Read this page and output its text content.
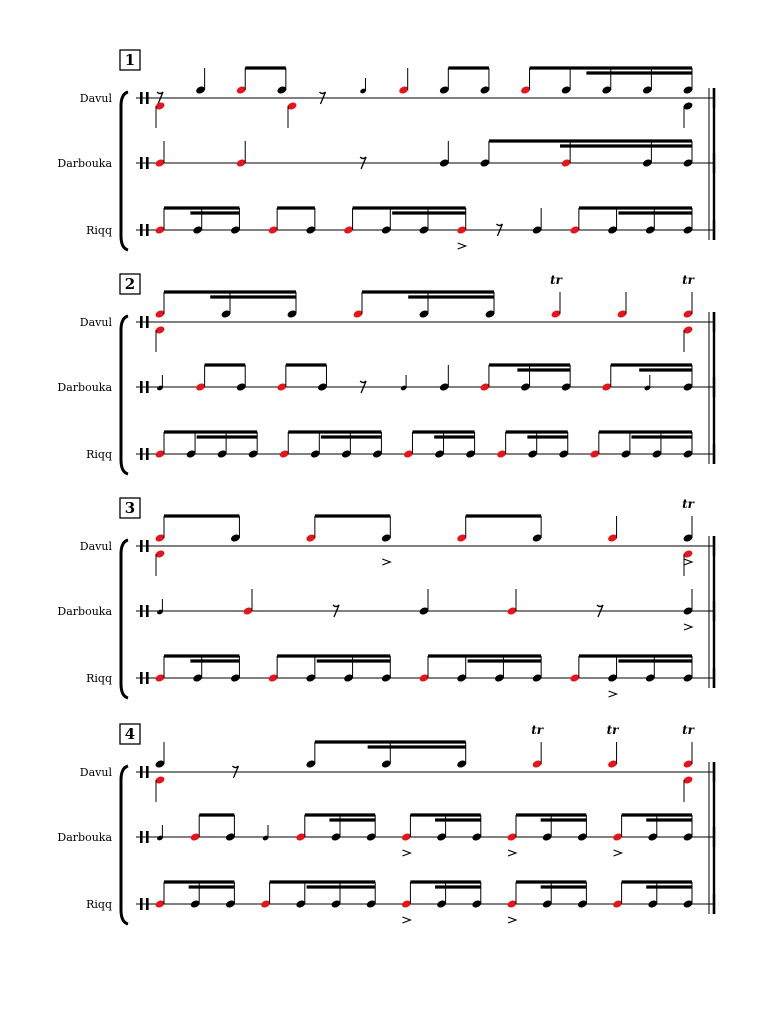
1
Davul
Darbouka
Riqq
2
Davul
Darbouka
Riqq
tr	tr
3
Davul
Darbouka
Riqq
tr
4
Davul
Darbouka
Riqq
tr	tr	tr
